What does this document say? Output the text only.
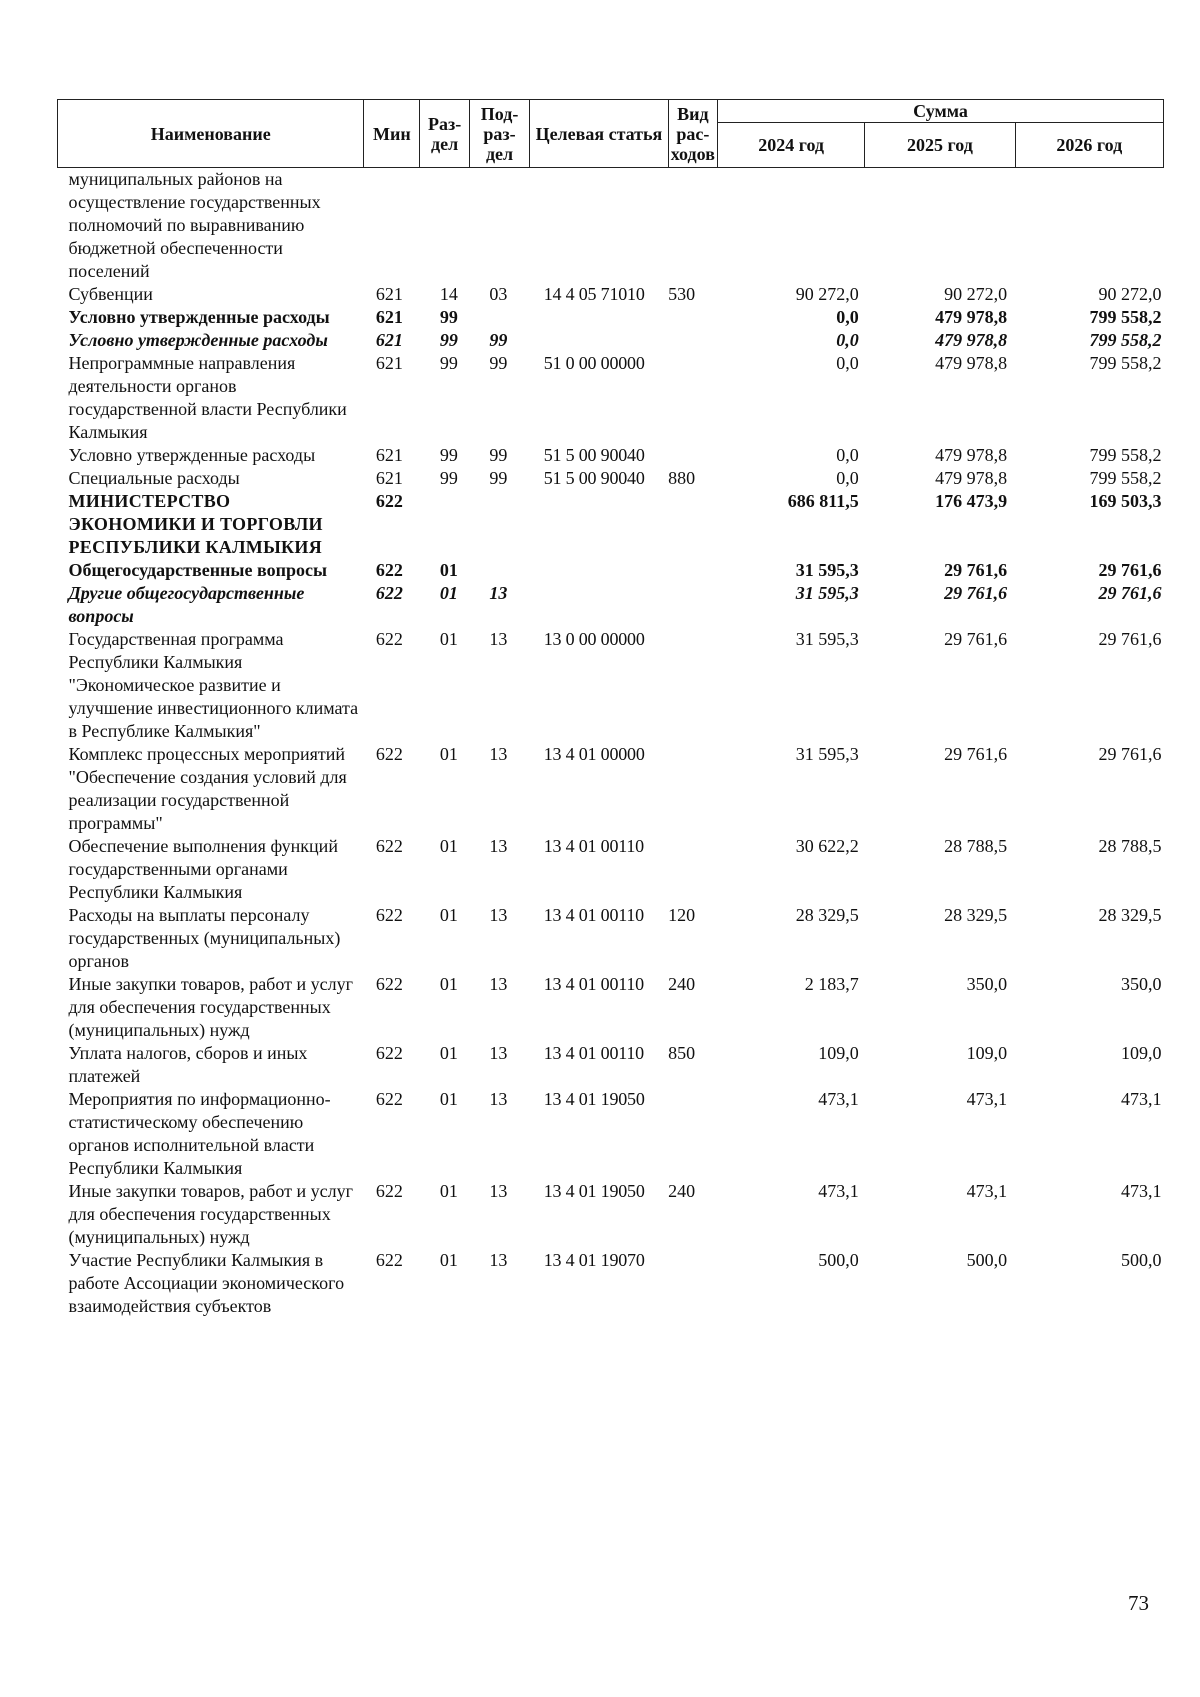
Наименование	Мин	Раз-дел	Под-раз-дел	Целевая статья	Вид рас-ходов	Сумма		
						2024 год	2025 год	2026 год
муниципальных районов на осуществление государственных полномочий по выравниванию бюджетной обеспеченности поселений								
Субвенции	621	14	03	14 4 05 71010	530	90 272,0	90 272,0	90 272,0
Условно утвержденные расходы	621	99				0,0	479 978,8	799 558,2
Условно утвержденные расходы	621	99	99			0,0	479 978,8	799 558,2
Непрограммные направления деятельности органов государственной власти Республики Калмыкия	621	99	99	51 0 00 00000		0,0	479 978,8	799 558,2
Условно утвержденные расходы	621	99	99	51 5 00 90040		0,0	479 978,8	799 558,2
Специальные расходы	621	99	99	51 5 00 90040	880	0,0	479 978,8	799 558,2
МИНИСТЕРСТВО ЭКОНОМИКИ И ТОРГОВЛИ РЕСПУБЛИКИ КАЛМЫКИЯ	622					686 811,5	176 473,9	169 503,3
Общегосударственные вопросы	622	01				31 595,3	29 761,6	29 761,6
Другие общегосударственные вопросы	622	01	13			31 595,3	29 761,6	29 761,6
Государственная программа Республики Калмыкия "Экономическое развитие и улучшение инвестиционного климата в Республике Калмыкия"	622	01	13	13 0 00 00000		31 595,3	29 761,6	29 761,6
Комплекс процессных мероприятий "Обеспечение создания условий для реализации государственной программы"	622	01	13	13 4 01 00000		31 595,3	29 761,6	29 761,6
Обеспечение выполнения функций государственными органами Республики Калмыкия	622	01	13	13 4 01 00110		30 622,2	28 788,5	28 788,5
Расходы на выплаты персоналу государственных (муниципальных) органов	622	01	13	13 4 01 00110	120	28 329,5	28 329,5	28 329,5
Иные закупки товаров, работ и услуг для обеспечения государственных (муниципальных) нужд	622	01	13	13 4 01 00110	240	2 183,7	350,0	350,0
Уплата налогов, сборов и иных платежей	622	01	13	13 4 01 00110	850	109,0	109,0	109,0
Мероприятия по информационно-статистическому обеспечению органов исполнительной власти Республики Калмыкия	622	01	13	13 4 01 19050		473,1	473,1	473,1
Иные закупки товаров, работ и услуг для обеспечения государственных (муниципальных) нужд	622	01	13	13 4 01 19050	240	473,1	473,1	473,1
Участие Республики Калмыкия в работе Ассоциации экономического взаимодействия субъектов	622	01	13	13 4 01 19070		500,0	500,0	500,0
73
